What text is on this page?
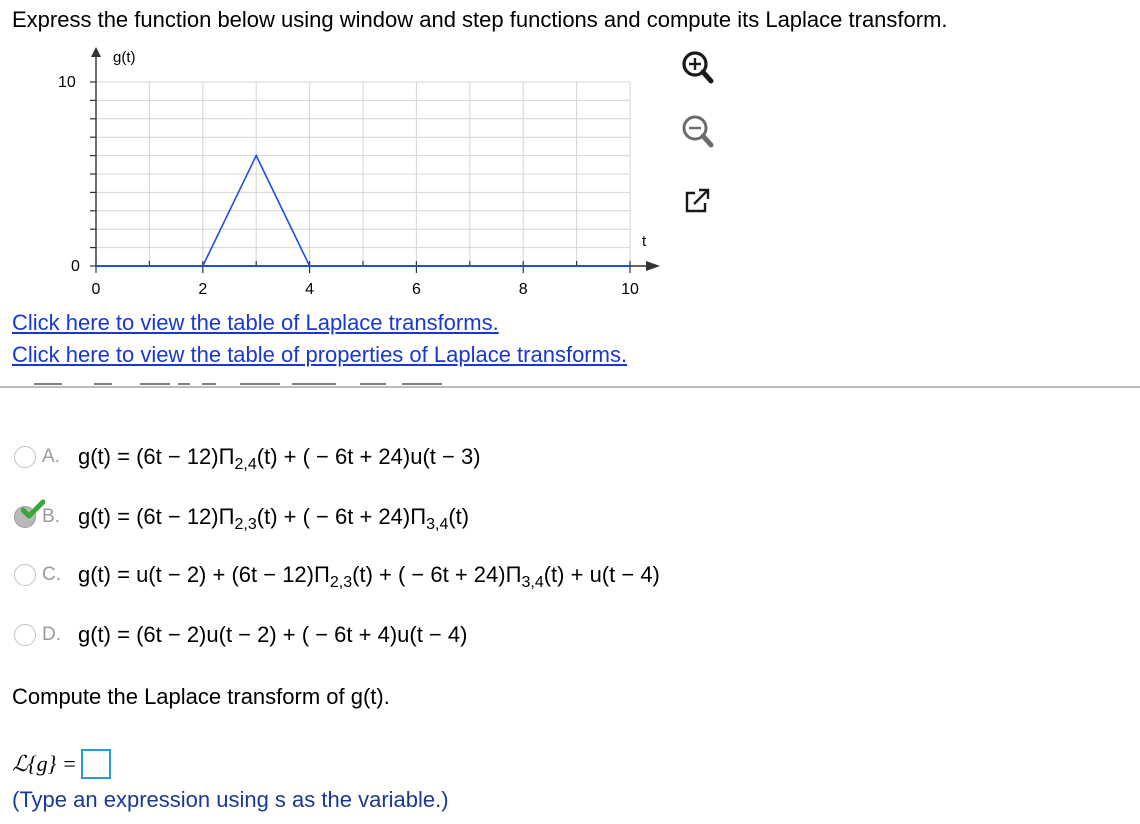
Express the function below using window and step functions and compute its Laplace transform.
g(t)
t
10
0
0	2	4	6	8	10
Click here to view the table of Laplace transforms.
Click here to view the table of properties of Laplace transforms.
A. $g(t) = (6t - 12)\Pi_{2,4}(t)$ + ( − 6t + 24)u(t − 3)
B. $g(t) = (6t - 12)\Pi_{2,3}(t)$ + ( − $6t + 24)\Pi_{3,4}(t)$
C. $g(t) = u(t - 2) + (6t - 12)\Pi_{2,3}(t)$ + ( − $6t + 24)\Pi_{3,4}(t) + u(t - 4)$
D. g(t) = (6t − 2)u(t − 2) + ( − 6t + 4)u(t − 4)
Compute the Laplace transform of g(t).
ℒ{g} =
(Type an expression using s as the variable.)
